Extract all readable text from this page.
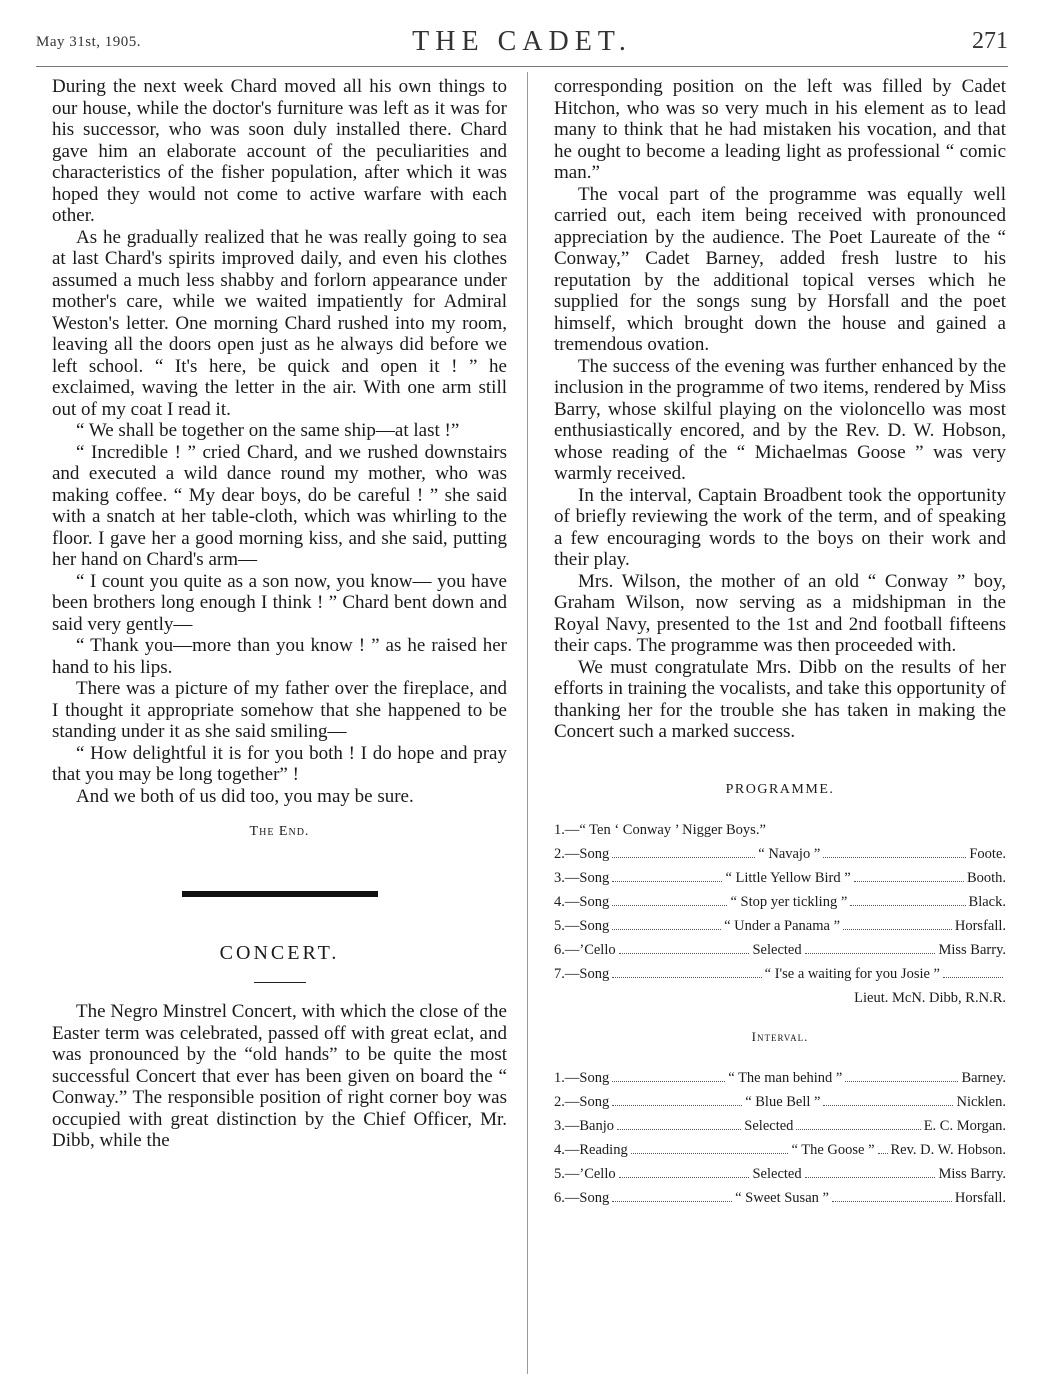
May 31st, 1905.	THE CADET.	271

During the next week Chard moved all his own things to our house, while the doctor's furniture was left as it was for his successor, who was soon duly installed there. Chard gave him an elaborate account of the peculiarities and characteristics of the fisher population, after which it was hoped they would not come to active warfare with each other.

As he gradually realized that he was really going to sea at last Chard's spirits improved daily, and even his clothes assumed a much less shabby and forlorn appearance under mother's care, while we waited impatiently for Admiral Weston's letter. One morning Chard rushed into my room, leaving all the doors open just as he always did before we left school. “ It's here, be quick and open it ! ” he exclaimed, waving the letter in the air. With one arm still out of my coat I read it.

“ We shall be together on the same ship—at last !”

“ Incredible ! ” cried Chard, and we rushed downstairs and executed a wild dance round my mother, who was making coffee. “ My dear boys, do be careful ! ” she said with a snatch at her table-cloth, which was whirling to the floor. I gave her a good morning kiss, and she said, putting her hand on Chard's arm—

“ I count you quite as a son now, you know— you have been brothers long enough I think ! ” Chard bent down and said very gently—

“ Thank you—more than you know ! ” as he raised her hand to his lips.

There was a picture of my father over the fireplace, and I thought it appropriate somehow that she happened to be standing under it as she said smiling—

“ How delightful it is for you both ! I do hope and pray that you may be long together” !

And we both of us did too, you may be sure.

The End.
CONCERT.

The Negro Minstrel Concert, with which the close of the Easter term was celebrated, passed off with great eclat, and was pronounced by the “old hands” to be quite the most successful Concert that ever has been given on board the “ Conway.” The responsible position of right corner boy was occupied with great distinction by the Chief Officer, Mr. Dibb, while the

corresponding position on the left was filled by Cadet Hitchon, who was so very much in his element as to lead many to think that he had mistaken his vocation, and that he ought to become a leading light as professional “ comic man.”

The vocal part of the programme was equally well carried out, each item being received with pronounced appreciation by the audience. The Poet Laureate of the “ Conway,” Cadet Barney, added fresh lustre to his reputation by the additional topical verses which he supplied for the songs sung by Horsfall and the poet himself, which brought down the house and gained a tremendous ovation.

The success of the evening was further enhanced by the inclusion in the programme of two items, rendered by Miss Barry, whose skilful playing on the violoncello was most enthusiastically encored, and by the Rev. D. W. Hobson, whose reading of the “ Michaelmas Goose ” was very warmly received.

In the interval, Captain Broadbent took the opportunity of briefly reviewing the work of the term, and of speaking a few encouraging words to the boys on their work and their play.

Mrs. Wilson, the mother of an old “ Conway ” boy, Graham Wilson, now serving as a midshipman in the Royal Navy, presented to the 1st and 2nd football fifteens their caps. The programme was then proceeded with.

We must congratulate Mrs. Dibb on the results of her efforts in training the vocalists, and take this opportunity of thanking her for the trouble she has taken in making the Concert such a marked success.

PROGRAMME.
1.— “ Ten ‘ Conway ’ Nigger Boys.”
2.— Song	“ Navajo ”	Foote.
3.— Song	“ Little Yellow Bird ”	Booth.
4.— Song	“ Stop yer tickling ”	Black.
5.— Song	“ Under a Panama ”	Horsfall.
6.— ’Cello	Selected	Miss Barry.
7.— Song	“ I'se a waiting for you Josie ”
Lieut. McN. Dibb, R.N.R.
Interval.
1.— Song	“ The man behind ”	Barney.
2.— Song	“ Blue Bell ”	Nicklen.
3.— Banjo	Selected	E. C. Morgan.
4.— Reading	“ The Goose ” Rev. D. W. Hobson.
5.— ’Cello	Selected	Miss Barry.
6.— Song	“ Sweet Susan ”	Horsfall.
